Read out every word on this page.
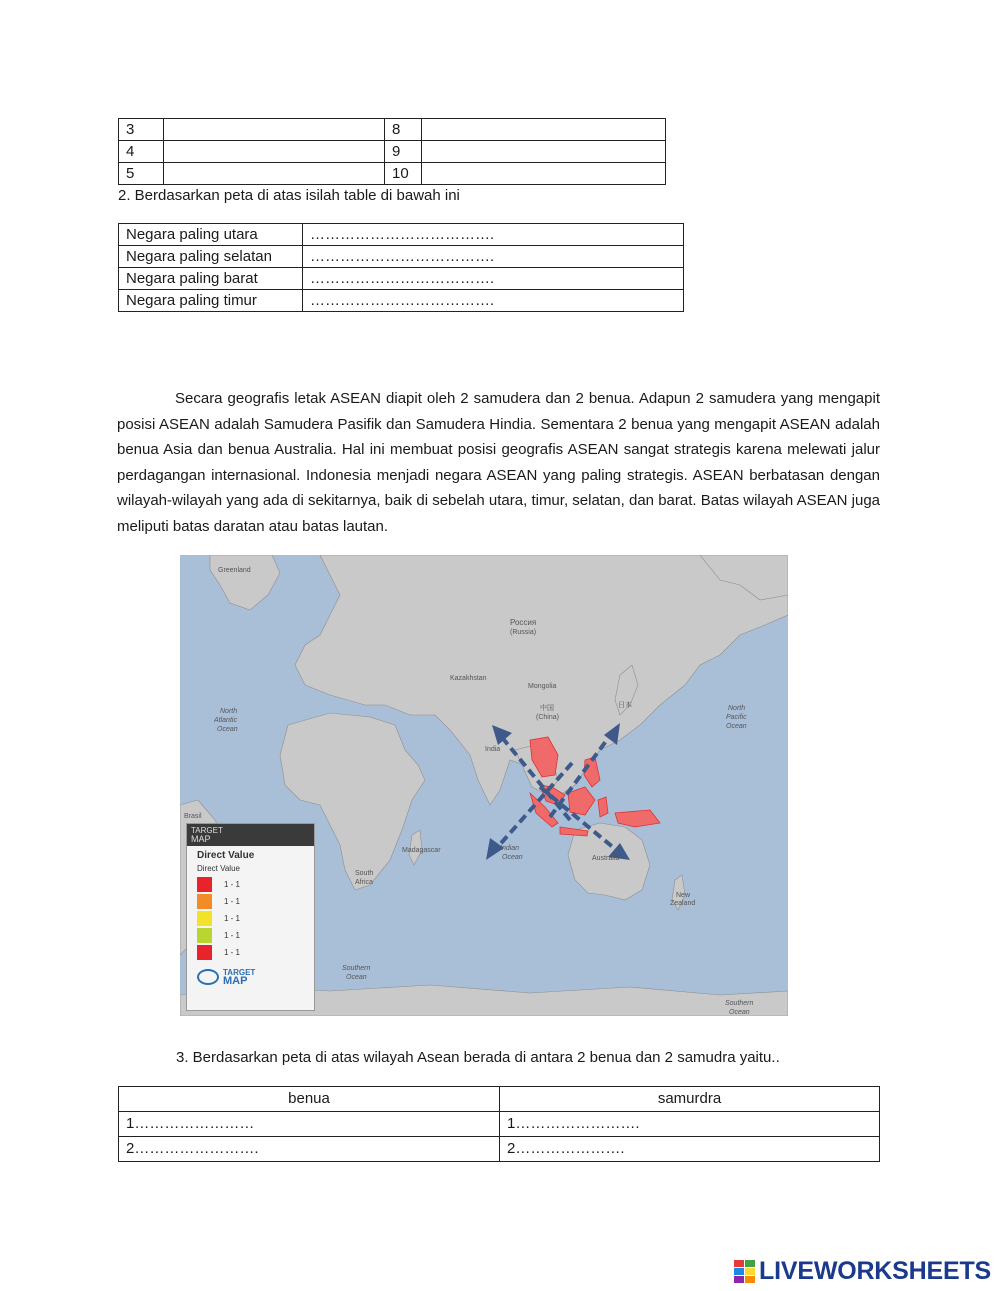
3		8	
4		9	
5		10	
2. Berdasarkan peta di atas isilah table di bawah ini
Negara paling utara	……………………………….
Negara paling selatan	……………………………….
Negara paling barat	……………………………….
Negara paling timur	……………………………….
Secara geografis letak ASEAN diapit oleh 2 samudera dan 2 benua. Adapun 2 samudera yang mengapit posisi ASEAN adalah Samudera Pasifik dan Samudera Hindia. Sementara 2 benua yang mengapit ASEAN adalah benua Asia dan benua Australia. Hal ini membuat posisi geografis ASEAN sangat strategis karena melewati jalur perdagangan internasional. Indonesia menjadi negara ASEAN yang paling strategis. ASEAN berbatasan dengan wilayah-wilayah yang ada di sekitarnya, baik di sebelah utara, timur, selatan, dan barat. Batas wilayah ASEAN juga meliputi batas daratan atau batas lautan.
Greenland
Россия
(Russia)
Kazakhstan
Mongolia
中国
(China)
India
日本
North
Atlantic
Ocean
North
Pacific
Ocean
Indian
Ocean	Australia
New
Zealand
Madagascar
South
Africa
Brasil
Southern
Ocean
Southern
Ocean
TARGET
MAP
Direct Value
Direct Value
1 - 1
1 - 1
1 - 1
1 - 1
1 - 1
TARGET
MAP
3. Berdasarkan peta di atas wilayah Asean berada di antara 2 benua dan 2 samudra yaitu..
benua	samurdra
1……………………	1…………………….
2…………………….	2………………….
LIVEWORKSHEETS
